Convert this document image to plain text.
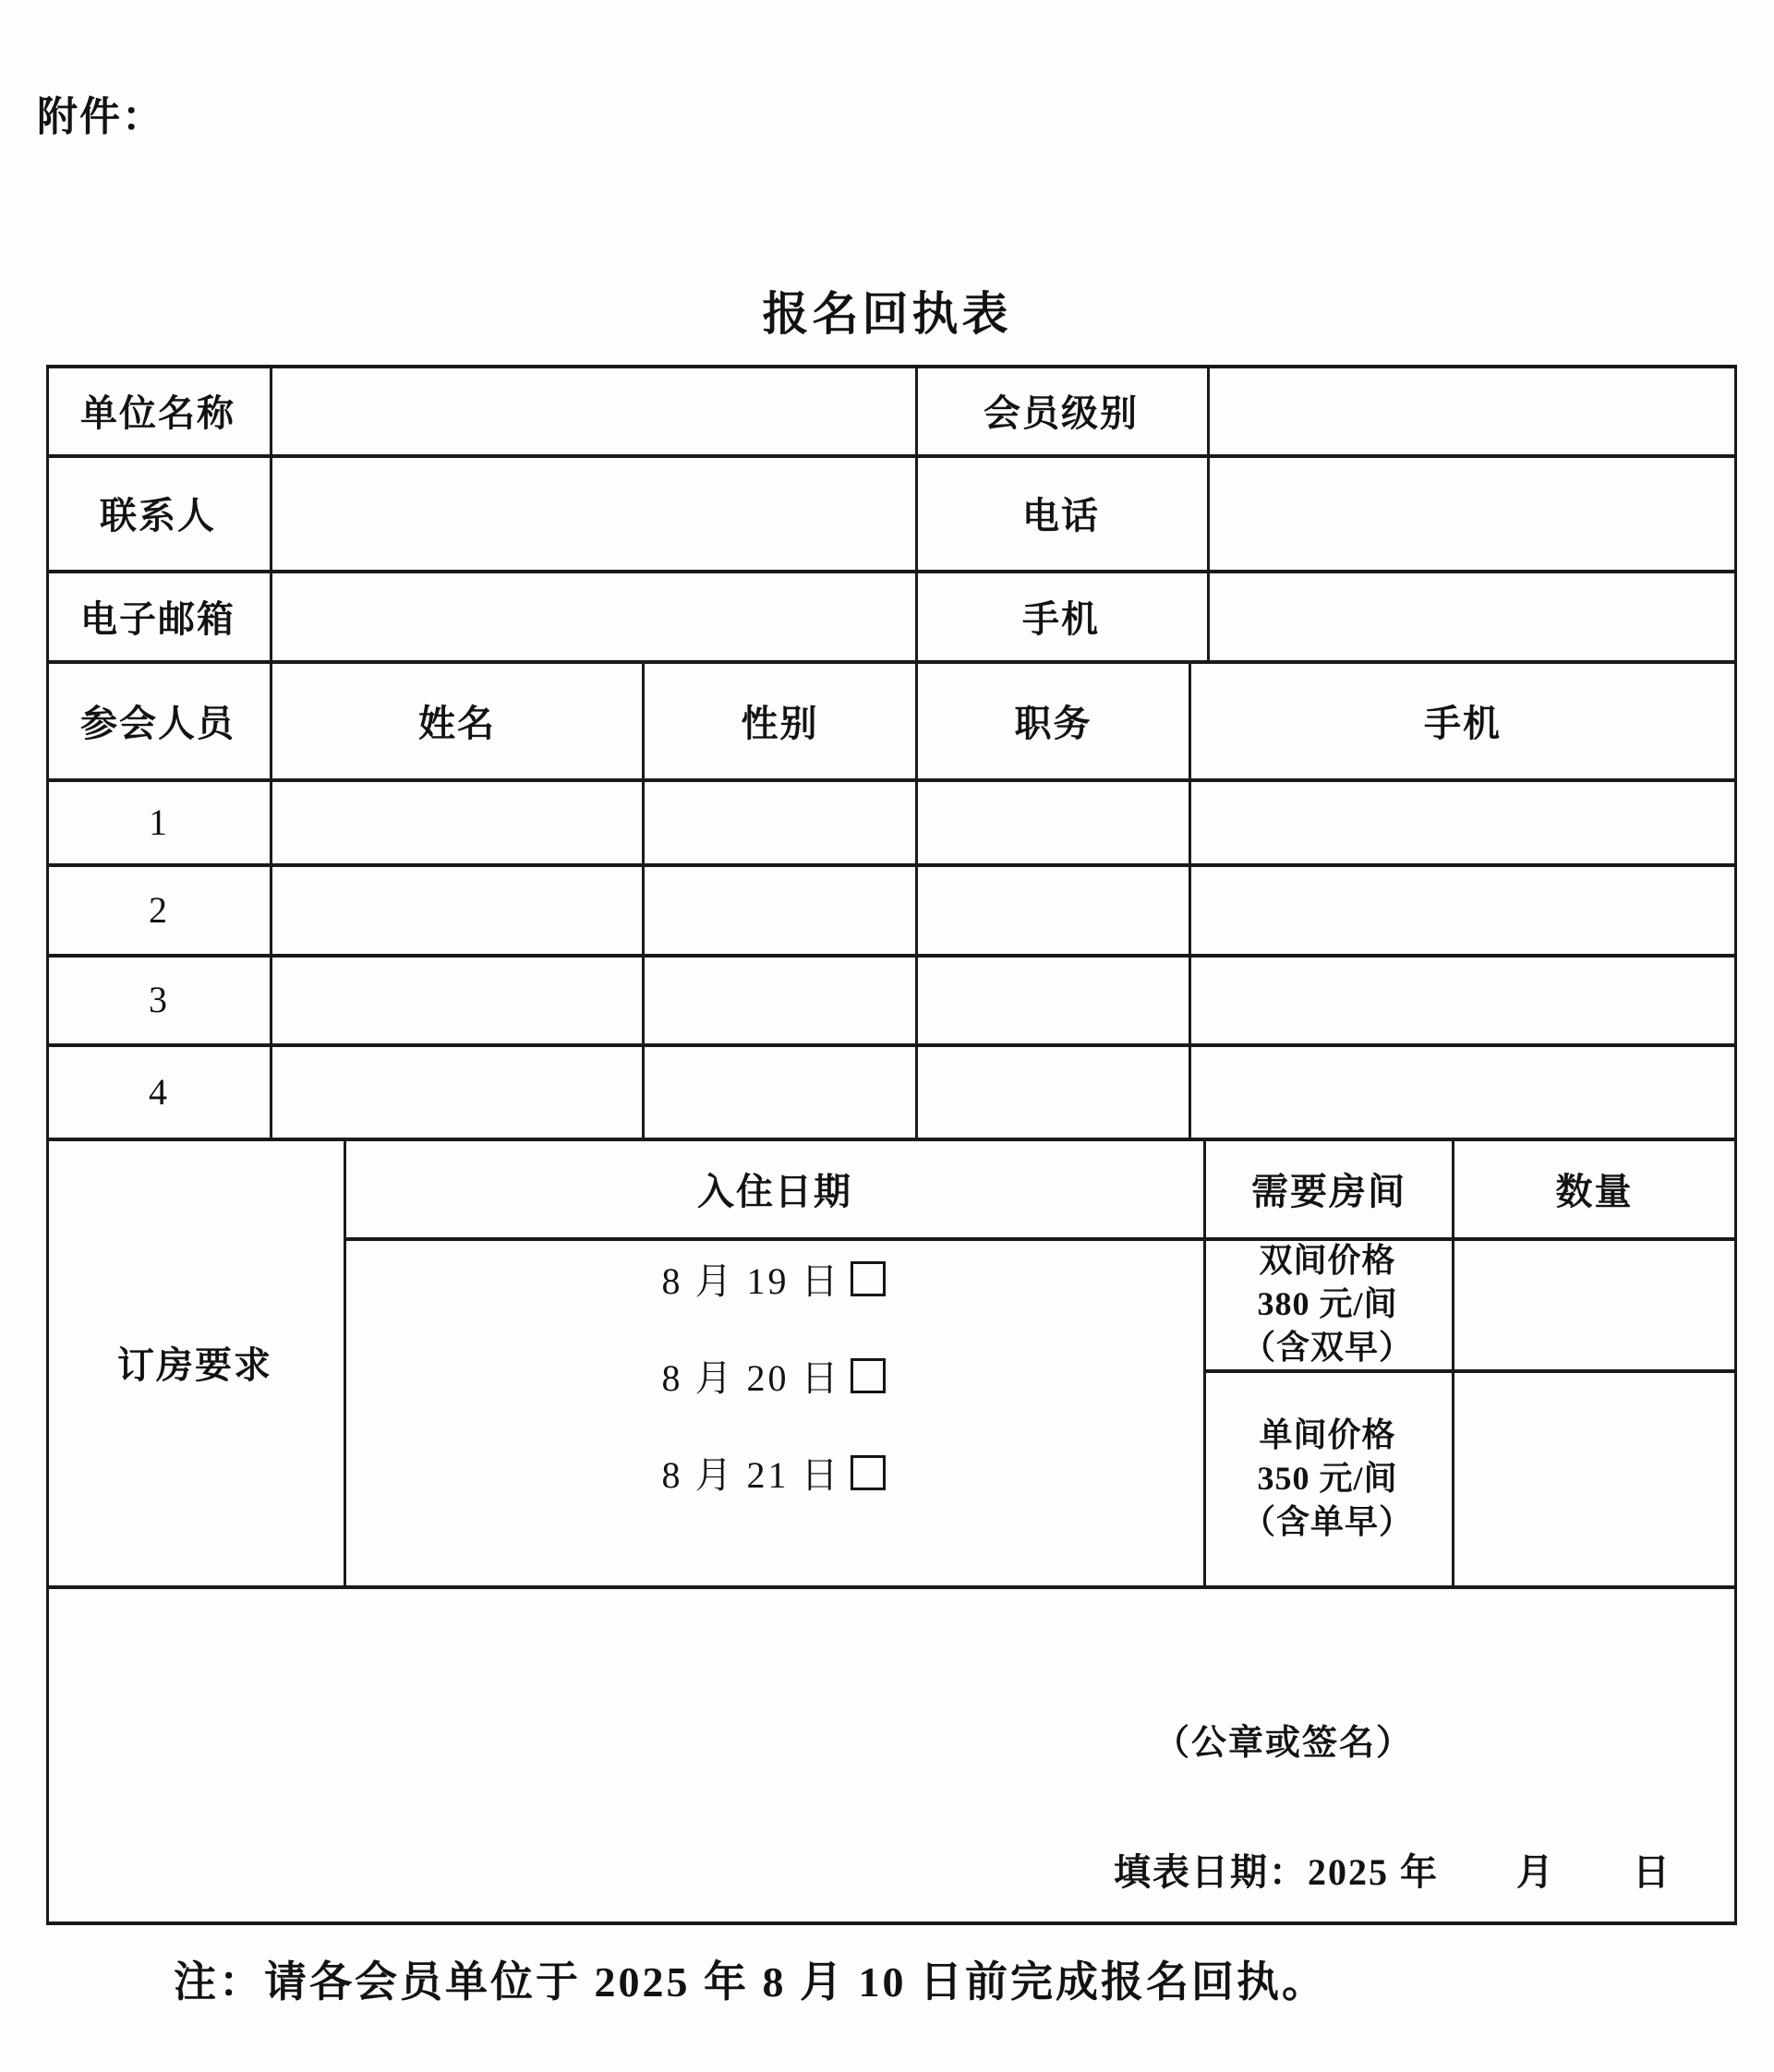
附件：
报名回执表
单位名称	会员级别
联系人	电话
电子邮箱	手机
参会人员	姓名	性别	职务	手机
1
2
3
4
订房要求
入住日期	需要房间	数量
8 月 19 日
8 月 20 日
8 月 21 日
双间价格
380 元/间
（含双早）
单间价格
350 元/间
（含单早）
（公章或签名）
填表日期：2025 年　　月　　日
注：请各会员单位于 2025 年 8 月 10 日前完成报名回执。
